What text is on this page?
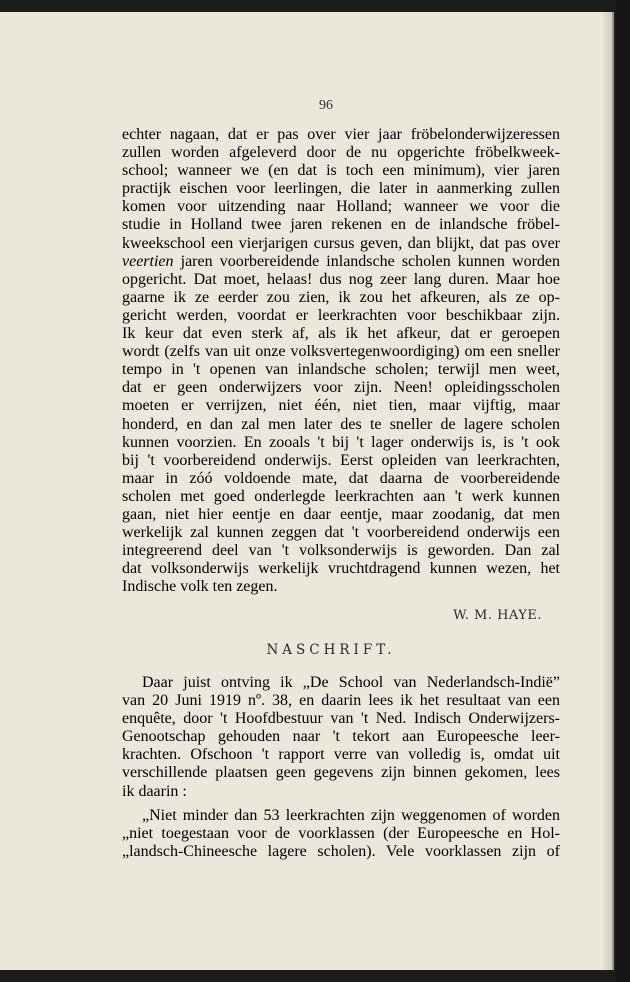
96
echter nagaan, dat er pas over vier jaar fröbelonderwijzeressen
zullen worden afgeleverd door de nu opgerichte fröbelkweek-
school; wanneer we (en dat is toch een minimum), vier jaren
practijk eischen voor leerlingen, die later in aanmerking zullen
komen voor uitzending naar Holland; wanneer we voor die
studie in Holland twee jaren rekenen en de inlandsche fröbel-
kweekschool een vierjarigen cursus geven, dan blijkt, dat pas over
veertien jaren voorbereidende inlandsche scholen kunnen worden
opgericht. Dat moet, helaas! dus nog zeer lang duren. Maar hoe
gaarne ik ze eerder zou zien, ik zou het afkeuren, als ze op-
gericht werden, voordat er leerkrachten voor beschikbaar zijn.
Ik keur dat even sterk af, als ik het afkeur, dat er geroepen
wordt (zelfs van uit onze volksvertegenwoordiging) om een sneller
tempo in 't openen van inlandsche scholen; terwijl men weet,
dat er geen onderwijzers voor zijn. Neen! opleidingsscholen
moeten er verrijzen, niet één, niet tien, maar vijftig, maar
honderd, en dan zal men later des te sneller de lagere scholen
kunnen voorzien. En zooals 't bij 't lager onderwijs is, is 't ook
bij 't voorbereidend onderwijs. Eerst opleiden van leerkrachten,
maar in zóó voldoende mate, dat daarna de voorbereidende
scholen met goed onderlegde leerkrachten aan 't werk kunnen
gaan, niet hier eentje en daar eentje, maar zoodanig, dat men
werkelijk zal kunnen zeggen dat 't voorbereidend onderwijs een
integreerend deel van 't volksonderwijs is geworden. Dan zal
dat volksonderwijs werkelijk vruchtdragend kunnen wezen, het
Indische volk ten zegen.
W. M. HAYE.
NASCHRIFT.
Daar juist ontving ik „De School van Nederlandsch-Indië”
van 20 Juni 1919 nº. 38, en daarin lees ik het resultaat van een
enquête, door 't Hoofdbestuur van 't Ned. Indisch Onderwijzers-
Genootschap gehouden naar 't tekort aan Europeesche leer-
krachten. Ofschoon 't rapport verre van volledig is, omdat uit
verschillende plaatsen geen gegevens zijn binnen gekomen, lees
ik daarin :
„Niet minder dan 53 leerkrachten zijn weggenomen of worden
„niet toegestaan voor de voorklassen (der Europeesche en Hol-
„landsch-Chineesche lagere scholen). Vele voorklassen zijn of
